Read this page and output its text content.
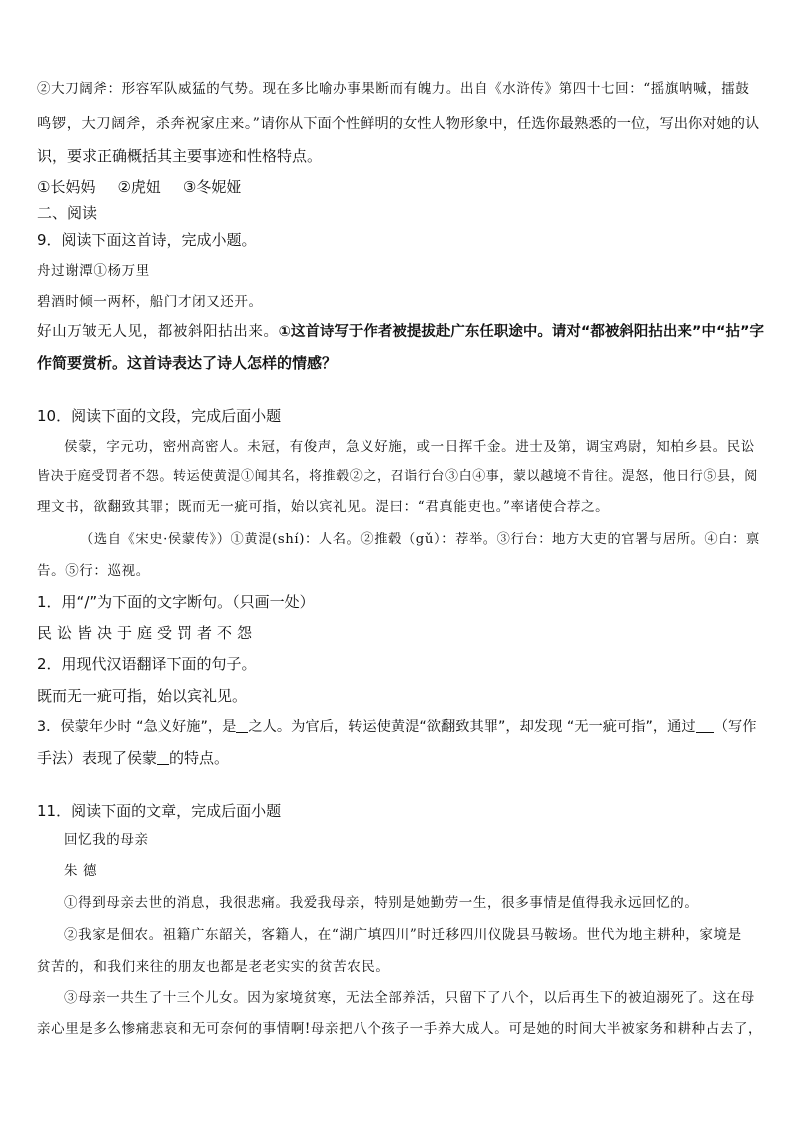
②大刀阔斧：形容军队威猛的气势。现在多比喻办事果断而有魄力。出自《水浒传》第四十七回：“摇旗呐喊，擂鼓
鸣锣，大刀阔斧，杀奔祝家庄来。”请你从下面个性鲜明的女性人物形象中，任选你最熟悉的一位，写出你对她的认
识，要求正确概括其主要事迹和性格特点。
①长妈妈 ②虎妞 ③冬妮娅
二、阅读
9．阅读下面这首诗，完成小题。
舟过谢潭①杨万里
碧酒时倾一两杯，船门才闭又还开。
好山万皱无人见，都被斜阳拈出来。①这首诗写于作者被提拔赴广东任职途中。请对“都被斜阳拈出来”中“拈”字
作简要赏析。这首诗表达了诗人怎样的情感？
10．阅读下面的文段，完成后面小题
侯蒙，字元功，密州高密人。未冠，有俊声，急义好施，或一日挥千金。进士及第，调宝鸡尉，知柏乡县。民讼
皆决于庭受罚者不怨。转运使黄湜①闻其名，将推毂②之，召诣行台③白④事，蒙以越境不肯往。湜怒，他日行⑤县，阅
理文书，欲翻致其罪；既而无一疵可指，始以宾礼见。湜曰：“君真能吏也。”率诸使合荐之。
（选自《宋史·侯蒙传》）①黄湜(shí)：人名。②推毂（gǔ）：荐举。③行台：地方大吏的官署与居所。④白：禀
告。⑤行：巡视。
1．用“/”为下面的文字断句。（只画一处）
民讼皆决于庭受罚者不怨
2．用现代汉语翻译下面的句子。
既而无一疵可指，始以宾礼见。
3．侯蒙年少时 “急义好施”，是 之人。为官后，转运使黄湜“欲翻致其罪”，却发现 “无一疵可指”，通过 （写作
手法）表现了侯蒙 的特点。
11．阅读下面的文章，完成后面小题
回忆我的母亲
朱 德
①得到母亲去世的消息，我很悲痛。我爱我母亲，特别是她勤劳一生，很多事情是值得我永远回忆的。
②我家是佃农。祖籍广东韶关，客籍人，在“湖广填四川”时迁移四川仪陇县马鞍场。世代为地主耕种，家境是
贫苦的，和我们来往的朋友也都是老老实实的贫苦农民。
③母亲一共生了十三个儿女。因为家境贫寒，无法全部养活，只留下了八个，以后再生下的被迫溺死了。这在母
亲心里是多么惨痛悲哀和无可奈何的事情啊!母亲把八个孩子一手养大成人。可是她的时间大半被家务和耕种占去了，
